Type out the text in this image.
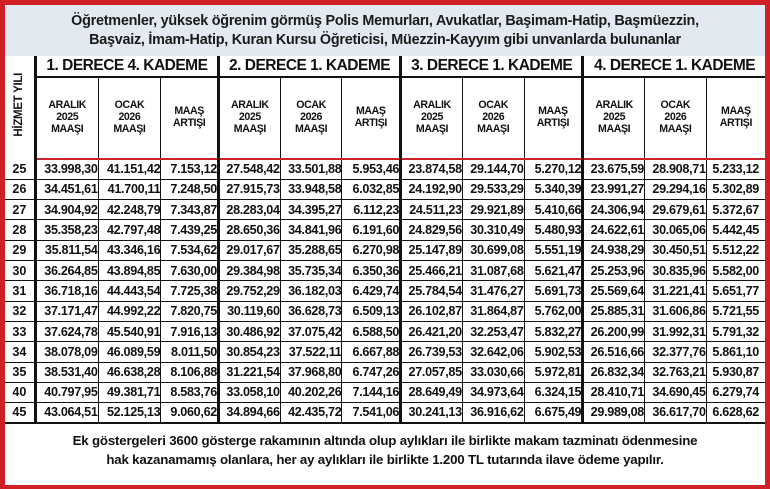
Öğretmenler, yüksek öğrenim görmüş Polis Memurları, Avukatlar, Başimam-Hatip, Başmüezzin,
Başvaiz, İmam-Hatip, Kuran Kursu Öğreticisi, Müezzin-Kayyım gibi unvanlarda bulunanlar
HİZMET YILI	1. DERECE 4. KADEME			2. DERECE 1. KADEME			3. DERECE 1. KADEME			4. DERECE 1. KADEME		

	ARALIK
2025
MAAŞI	OCAK
2026
MAAŞI	MAAŞ
ARTIŞI	ARALIK
2025
MAAŞI	OCAK
2026
MAAŞI	MAAŞ
ARTIŞI	ARALIK
2025
MAAŞI	OCAK
2026
MAAŞI	MAAŞ
ARTIŞI	ARALIK
2025
MAAŞI	OCAK
2026
MAAŞI	MAAŞ
ARTIŞI

25	33.998,30	41.151,42	7.153,12	27.548,42	33.501,88	5.953,46	23.874,58	29.144,70	5.270,12	23.675,59	28.908,71	5.233,12
26	34.451,61	41.700,11	7.248,50	27.915,73	33.948,58	6.032,85	24.192,90	29.533,29	5.340,39	23.991,27	29.294,16	5.302,89
27	34.904,92	42.248,79	7.343,87	28.283,04	34.395,27	6.112,23	24.511,23	29.921,89	5.410,66	24.306,94	29.679,61	5.372,67
28	35.358,23	42.797,48	7.439,25	28.650,36	34.841,96	6.191,60	24.829,56	30.310,49	5.480,93	24.622,61	30.065,06	5.442,45
29	35.811,54	43.346,16	7.534,62	29.017,67	35.288,65	6.270,98	25.147,89	30.699,08	5.551,19	24.938,29	30.450,51	5.512,22
30	36.264,85	43.894,85	7.630,00	29.384,98	35.735,34	6.350,36	25.466,21	31.087,68	5.621,47	25.253,96	30.835,96	5.582,00
31	36.718,16	44.443,54	7.725,38	29.752,29	36.182,03	6.429,74	25.784,54	31.476,27	5.691,73	25.569,64	31.221,41	5.651,77
32	37.171,47	44.992,22	7.820,75	30.119,60	36.628,73	6.509,13	26.102,87	31.864,87	5.762,00	25.885,31	31.606,86	5.721,55
33	37.624,78	45.540,91	7.916,13	30.486,92	37.075,42	6.588,50	26.421,20	32.253,47	5.832,27	26.200,99	31.992,31	5.791,32
34	38.078,09	46.089,59	8.011,50	30.854,23	37.522,11	6.667,88	26.739,53	32.642,06	5.902,53	26.516,66	32.377,76	5.861,10
35	38.531,40	46.638,28	8.106,88	31.221,54	37.968,80	6.747,26	27.057,85	33.030,66	5.972,81	26.832,34	32.763,21	5.930,87
40	40.797,95	49.381,71	8.583,76	33.058,10	40.202,26	7.144,16	28.649,49	34.973,64	6.324,15	28.410,71	34.690,45	6.279,74
45	43.064,51	52.125,13	9.060,62	34.894,66	42.435,72	7.541,06	30.241,13	36.916,62	6.675,49	29.989,08	36.617,70	6.628,62
Ek göstergeleri 3600 gösterge rakamının altında olup aylıkları ile birlikte makam tazminatı ödenmesine
hak kazanamamış olanlara, her ay aylıkları ile birlikte 1.200 TL tutarında ilave ödeme yapılır.
